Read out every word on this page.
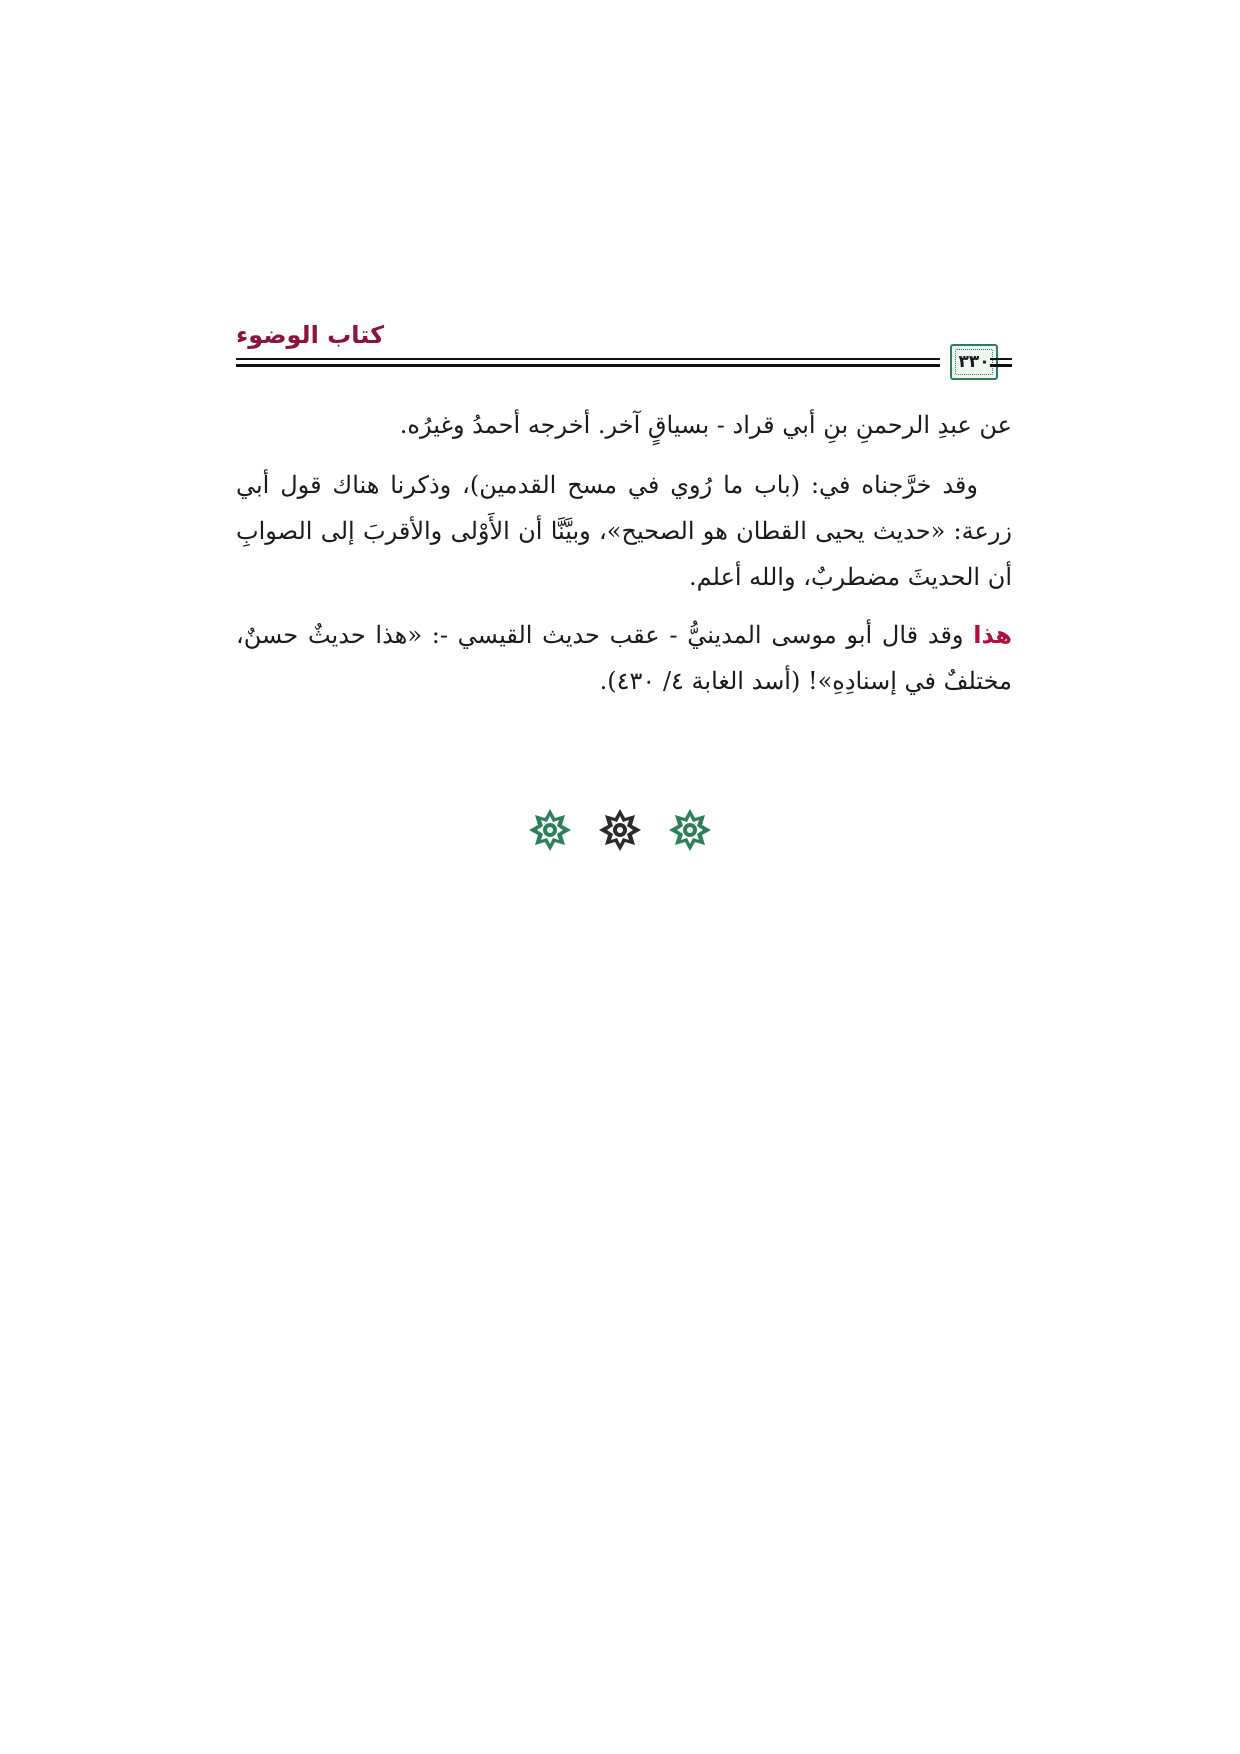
كتاب الوضوء
٣٣٠

عن عبدِ الرحمنِ بنِ أبي قراد - بسياقٍ آخر. أخرجه أحمدُ وغيرُه.

وقد خرَّجناه في: (باب ما رُوي في مسح القدمين)، وذكرنا هناك قول أبي زرعة: «حديث يحيى القطان هو الصحيح»، وبيَّنَّا أن الأَوْلى والأقربَ إلى الصوابِ أن الحديثَ مضطربٌ، والله أعلم.

هذا وقد قال أبو موسى المدينيُّ - عقب حديث القيسي -: «هذا حديثٌ حسنٌ، مختلفٌ في إسنادِهِ»! (أسد الغابة ٤/ ٤٣٠).
